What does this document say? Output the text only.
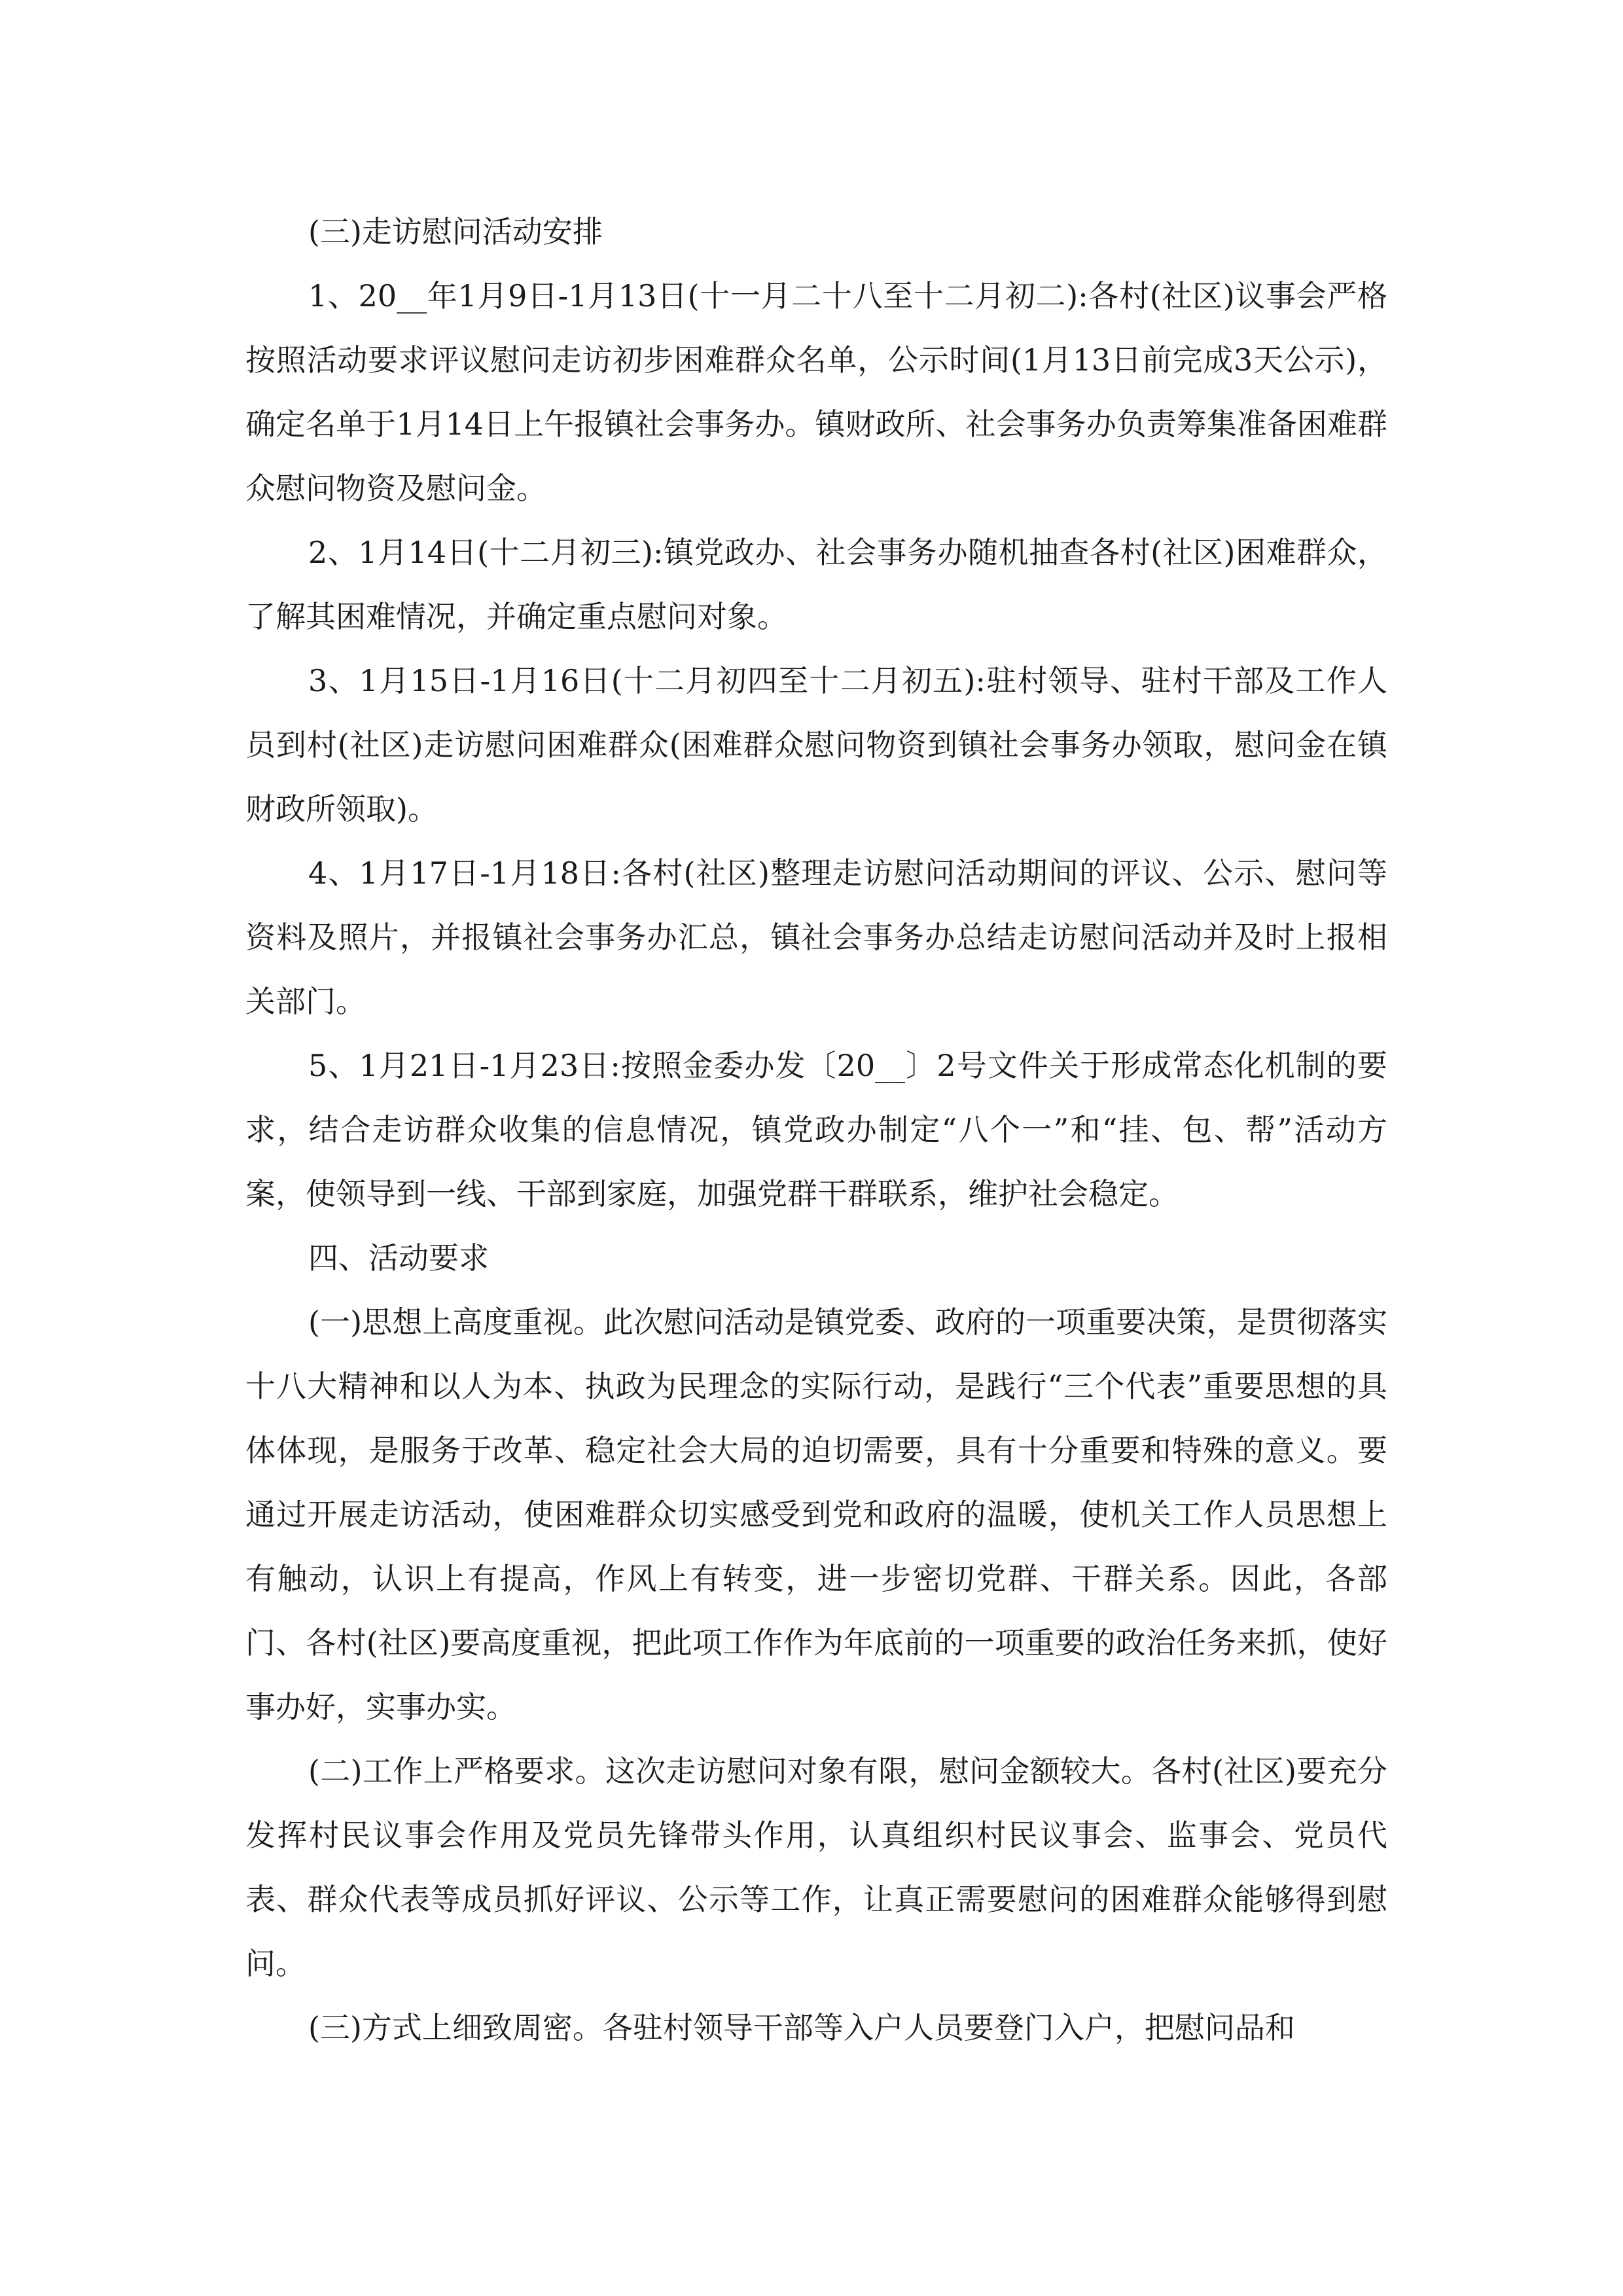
(三)走访慰问活动安排

1、20__年1月9日-1月13日(十一月二十八至十二月初二):各村(社区)议事会严格按照活动要求评议慰问走访初步困难群众名单，公示时间(1月13日前完成3天公示)，确定名单于1月14日上午报镇社会事务办。镇财政所、社会事务办负责筹集准备困难群众慰问物资及慰问金。

2、1月14日(十二月初三):镇党政办、社会事务办随机抽查各村(社区)困难群众，了解其困难情况，并确定重点慰问对象。

3、1月15日-1月16日(十二月初四至十二月初五):驻村领导、驻村干部及工作人员到村(社区)走访慰问困难群众(困难群众慰问物资到镇社会事务办领取，慰问金在镇财政所领取)。

4、1月17日-1月18日:各村(社区)整理走访慰问活动期间的评议、公示、慰问等资料及照片，并报镇社会事务办汇总，镇社会事务办总结走访慰问活动并及时上报相关部门。

5、1月21日-1月23日:按照金委办发〔20__〕2号文件关于形成常态化机制的要求，结合走访群众收集的信息情况，镇党政办制定“八个一”和“挂、包、帮”活动方案，使领导到一线、干部到家庭，加强党群干群联系，维护社会稳定。

四、活动要求

(一)思想上高度重视。此次慰问活动是镇党委、政府的一项重要决策，是贯彻落实十八大精神和以人为本、执政为民理念的实际行动，是践行“三个代表”重要思想的具体体现，是服务于改革、稳定社会大局的迫切需要，具有十分重要和特殊的意义。要通过开展走访活动，使困难群众切实感受到党和政府的温暖，使机关工作人员思想上有触动，认识上有提高，作风上有转变，进一步密切党群、干群关系。因此，各部门、各村(社区)要高度重视，把此项工作作为年底前的一项重要的政治任务来抓，使好事办好，实事办实。

(二)工作上严格要求。这次走访慰问对象有限，慰问金额较大。各村(社区)要充分发挥村民议事会作用及党员先锋带头作用，认真组织村民议事会、监事会、党员代表、群众代表等成员抓好评议、公示等工作，让真正需要慰问的困难群众能够得到慰问。

(三)方式上细致周密。各驻村领导干部等入户人员要登门入户，把慰问品和
